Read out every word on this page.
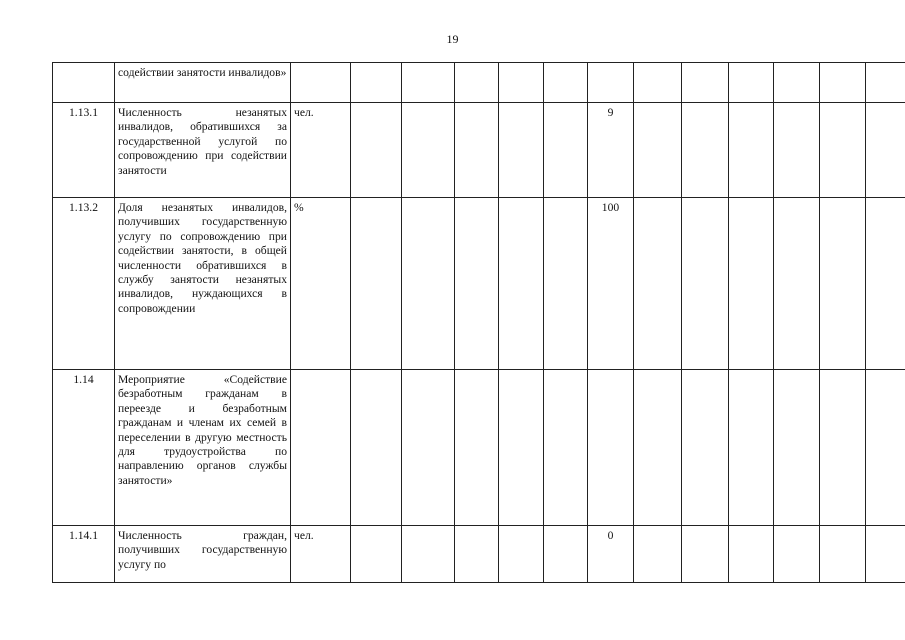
19
	содействии занятости инвалидов»													
1.13.1	Численность незанятых инвалидов, обратившихся за государственной услугой по сопровождению при содействии занятости	чел.						9						
1.13.2	Доля незанятых инвалидов, получивших государственную услугу по сопровождению при содействии занятости, в общей численности обратившихся в службу занятости незанятых инвалидов, нуждающихся в сопровождении	%						100						
1.14	Мероприятие «Содействие безработным гражданам в переезде и безработным гражданам и членам их семей в переселении в другую местность для трудоустройства по направлению органов службы занятости»													
1.14.1	Численность граждан, получивших государственную услугу по	чел.						0						
